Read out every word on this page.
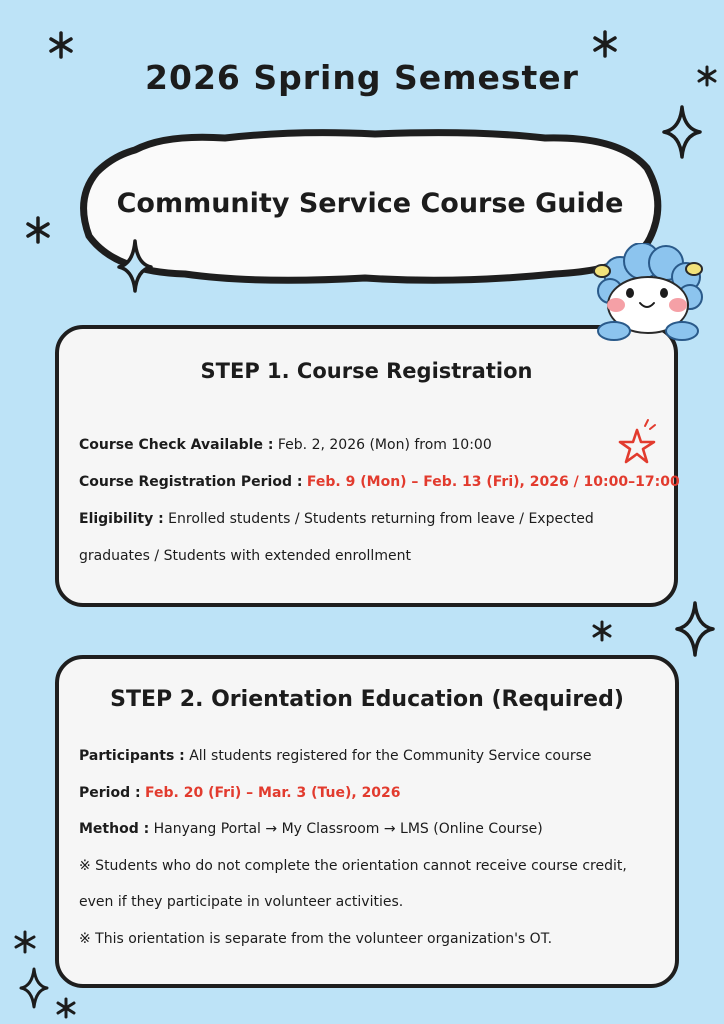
2026 Spring Semester
Community Service Course Guide
STEP 1. Course Registration
Course Check Available : Feb. 2, 2026 (Mon) from 10:00
Course Registration Period : Feb. 9 (Mon) – Feb. 13 (Fri), 2026 / 10:00–17:00
Eligibility : Enrolled students / Students returning from leave / Expected
graduates / Students with extended enrollment
STEP 2. Orientation Education (Required)
Participants : All students registered for the Community Service course
Period : Feb. 20 (Fri) – Mar. 3 (Tue), 2026
Method : Hanyang Portal → My Classroom → LMS (Online Course)
※ Students who do not complete the orientation cannot receive course credit,
even if they participate in volunteer activities.
※ This orientation is separate from the volunteer organization's OT.
